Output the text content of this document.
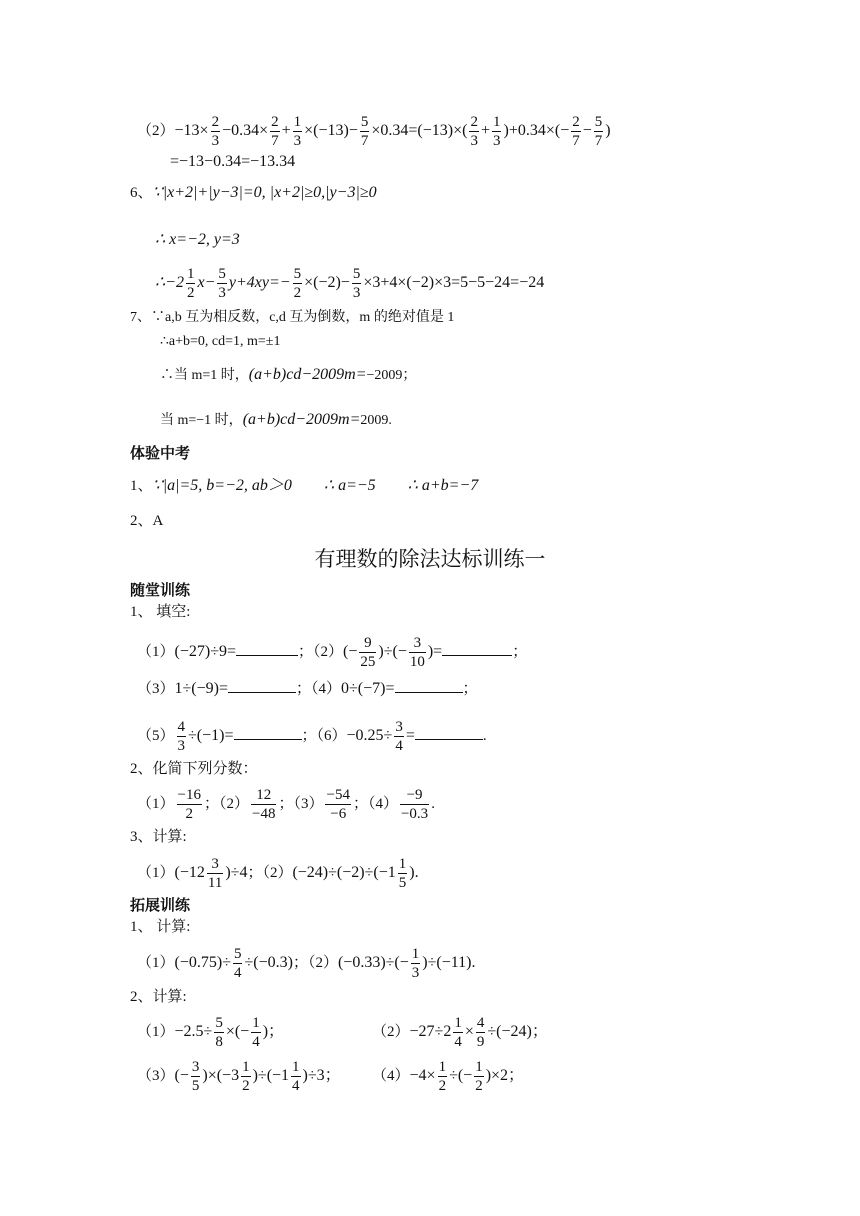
$(2)-13\times \frac{2}{3} -0.34\times \frac{2}{7} + \frac{1}{3} \times(-13)- \frac{5}{7} \times 0.34=(-13)\times( \frac{2}{3} + \frac{1}{3} )+0.34\times(- \frac{2}{7} - \frac{5}{7}$ )
=−13−0.34=−13.34
6、∵|x+2|+|y−3|=0, |x+2|≥0,|y−3|≥0
∴ x=−2, y=3
∴−2 $\frac{1}{2} x- \frac{5}{3} y+4xy=- \frac{5}{2} \times(-2)- \frac{5}{3} \times 3+4\times(-2)\times 3=5-5-24=-24$
7、∵a,b 互为相反数，c,d 互为倒数，m 的绝对值是 1
∴a+b=0, cd=1, m=±1
∴当 m=1 时，(a+b)cd−2009m=−2009；
当 m=−1 时，(a+b)cd−2009m=2009.
体验中考
1、∵|a|=5, b=−2, ab＞0 ∴ a=−5 ∴ a+b=−7
2、A
有理数的除法达标训练一
随堂训练
1、 填空:
（1）(−27)÷9=	；$(2)(- \frac{9}{25}$ )÷(− $\frac{3}{10}$ )=	；
（3）1÷(−9)=	；（4）0÷(−7)=	；
$(5) \frac{4}{3} \div(-1)=$	；$(6)-0.25\div \frac{3}{4}$ =	.
2、化简下列分数：
$(1) \frac{-16}{2}$ ；$(2) \frac{12}{-48}$ ；$(3) \frac{-54}{-6}$ ；$(4) \frac{-9}{-0.3}$ .
3、计算:
$(1)(-12 \frac{3}{11} )\div 4$；$(2)(-24)\div(-2)\div(-1 \frac{1}{5}$ ).
拓展训练
1、 计算:
$(1)(-0.75)\div \frac{5}{4} \div(-0.3)$；$(2)(-0.33)\div(- \frac{1}{3} )\div(-11)$.
2、计算:
$(1)-2.5\div \frac{5}{8}$ ×(− $\frac{1}{4}$ )；	$(2)-27\div 2 \frac{1}{4} \times \frac{4}{9} \div(-24)$；
$(3)(- \frac{3}{5} )\times(-3 \frac{1}{2} )\div(-1 \frac{1}{4} )\div 3$； $(4)-4\times \frac{1}{2}$ ÷(− $\frac{1}{2} )\times 2$；
